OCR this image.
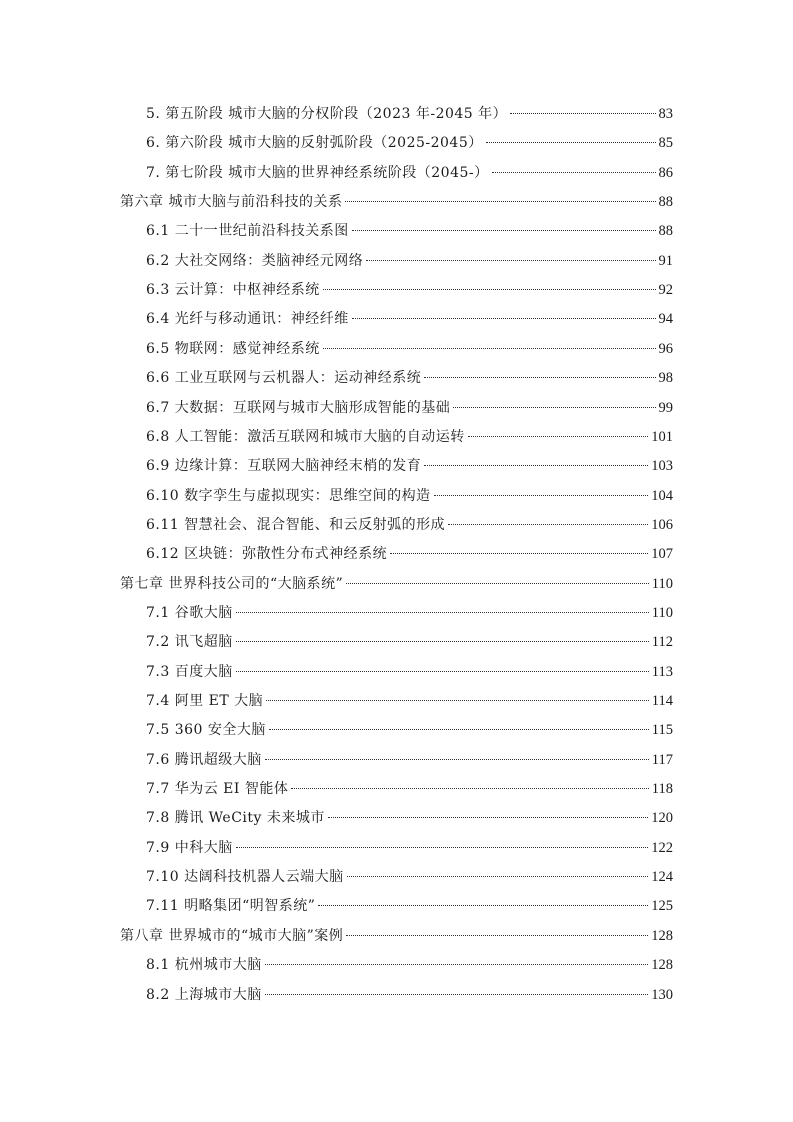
5. 第五阶段 城市大脑的分权阶段（2023 年-2045 年）	83
6. 第六阶段 城市大脑的反射弧阶段（2025-2045）	85
7. 第七阶段 城市大脑的世界神经系统阶段（2045-）	86
第六章 城市大脑与前沿科技的关系	88
6.1 二十一世纪前沿科技关系图	88
6.2 大社交网络：类脑神经元网络	91
6.3 云计算：中枢神经系统	92
6.4 光纤与移动通讯：神经纤维	94
6.5 物联网：感觉神经系统	96
6.6 工业互联网与云机器人：运动神经系统	98
6.7 大数据：互联网与城市大脑形成智能的基础	99
6.8 人工智能：激活互联网和城市大脑的自动运转	101
6.9 边缘计算：互联网大脑神经末梢的发育	103
6.10 数字孪生与虚拟现实：思维空间的构造	104
6.11 智慧社会、混合智能、和云反射弧的形成	106
6.12 区块链：弥散性分布式神经系统	107
第七章 世界科技公司的“大脑系统”	110
7.1 谷歌大脑	110
7.2 讯飞超脑	112
7.3 百度大脑	113
7.4 阿里 ET 大脑	114
7.5 360 安全大脑	115
7.6 腾讯超级大脑	117
7.7 华为云 EI 智能体	118
7.8 腾讯 WeCity 未来城市	120
7.9 中科大脑	122
7.10 达阔科技机器人云端大脑	124
7.11 明略集团“明智系统”	125
第八章 世界城市的“城市大脑”案例	128
8.1 杭州城市大脑	128
8.2 上海城市大脑	130
